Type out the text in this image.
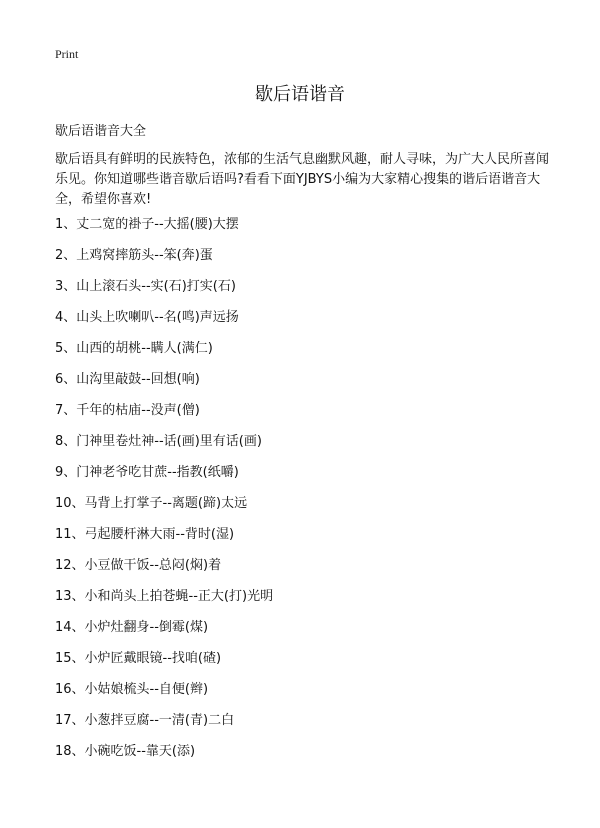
Print
歇后语谐音
歇后语谐音大全

歇后语具有鲜明的民族特色，浓郁的生活气息幽默风趣，耐人寻味，为广大人民所喜闻乐见。你知道哪些谐音歇后语吗?看看下面YJBYS小编为大家精心搜集的谐后语谐音大全，希望你喜欢!

1、丈二宽的褂子--大摇(腰)大摆
2、上鸡窝摔筋头--笨(奔)蛋
3、山上滚石头--实(石)打实(石)
4、山头上吹喇叭--名(鸣)声远扬
5、山西的胡桃--瞒人(满仁)
6、山沟里敲鼓--回想(响)
7、千年的枯庙--没声(僧)
8、门神里卷灶神--话(画)里有话(画)
9、门神老爷吃甘蔗--指教(纸嚼)
10、马背上打掌子--离题(蹄)太远
11、弓起腰杆淋大雨--背时(湿)
12、小豆做干饭--总闷(焖)着
13、小和尚头上拍苍蝇--正大(打)光明
14、小炉灶翻身--倒霉(煤)
15、小炉匠戴眼镜--找咱(碴)
16、小姑娘梳头--自便(辫)
17、小葱拌豆腐--一清(青)二白
18、小碗吃饭--靠天(添)
